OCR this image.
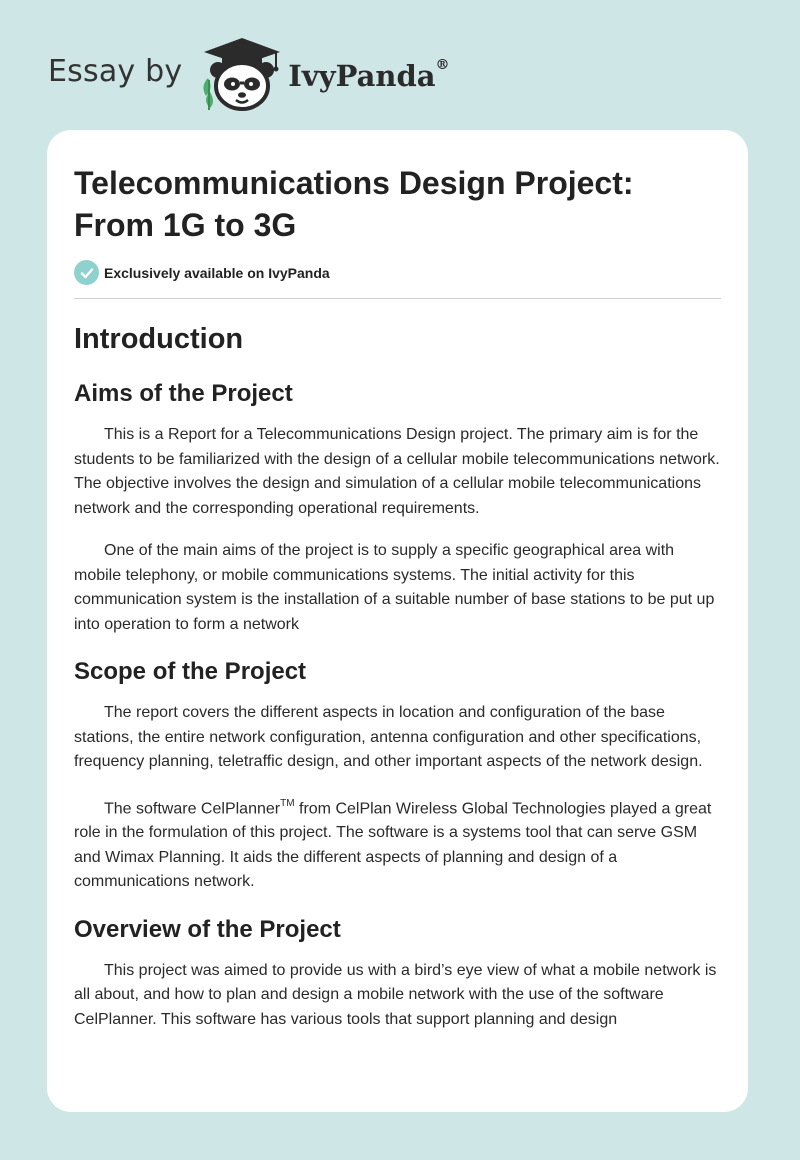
Essay by	IvyPanda®
Telecommunications Design Project:
From 1G to 3G
Exclusively available on IvyPanda
Introduction
Aims of the Project

This is a Report for a Telecommunications Design project. The primary aim is for the students to be familiarized with the design of a cellular mobile telecommunications network. The objective involves the design and simulation of a cellular mobile telecommunications network and the corresponding operational requirements.

One of the main aims of the project is to supply a specific geographical area with mobile telephony, or mobile communications systems. The initial activity for this communication system is the installation of a suitable number of base stations to be put up into operation to form a network

Scope of the Project

The report covers the different aspects in location and configuration of the base stations, the entire network configuration, antenna configuration and other specifications, frequency planning, teletraffic design, and other important aspects of the network design.

The software CelPlanner™ from CelPlan Wireless Global Technologies played a great role in the formulation of this project. The software is a systems tool that can serve GSM and Wimax Planning. It aids the different aspects of planning and design of a communications network.

Overview of the Project

This project was aimed to provide us with a bird’s eye view of what a mobile network is all about, and how to plan and design a mobile network with the use of the software CelPlanner. This software has various tools that support planning and design
